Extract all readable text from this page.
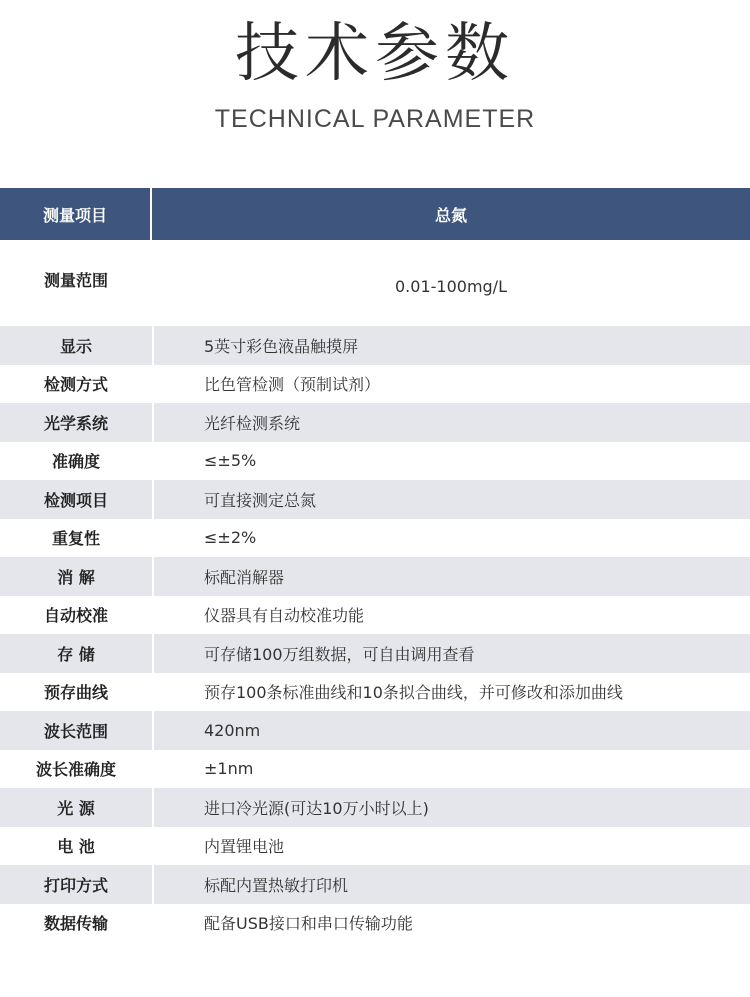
技术参数
TECHNICAL PARAMETER
测量项目	总氮
测量范围	0.01-100mg/L
显示	5英寸彩色液晶触摸屏
检测方式	比色管检测（预制试剂）
光学系统	光纤检测系统
准确度	≤±5%
检测项目	可直接测定总氮
重复性	≤±2%
消 解	标配消解器
自动校准	仪器具有自动校准功能
存 储	可存储100万组数据，可自由调用查看
预存曲线	预存100条标准曲线和10条拟合曲线，并可修改和添加曲线
波长范围	420nm
波长准确度	±1nm
光 源	进口冷光源(可达10万小时以上)
电 池	内置锂电池
打印方式	标配内置热敏打印机
数据传输	配备USB接口和串口传输功能
